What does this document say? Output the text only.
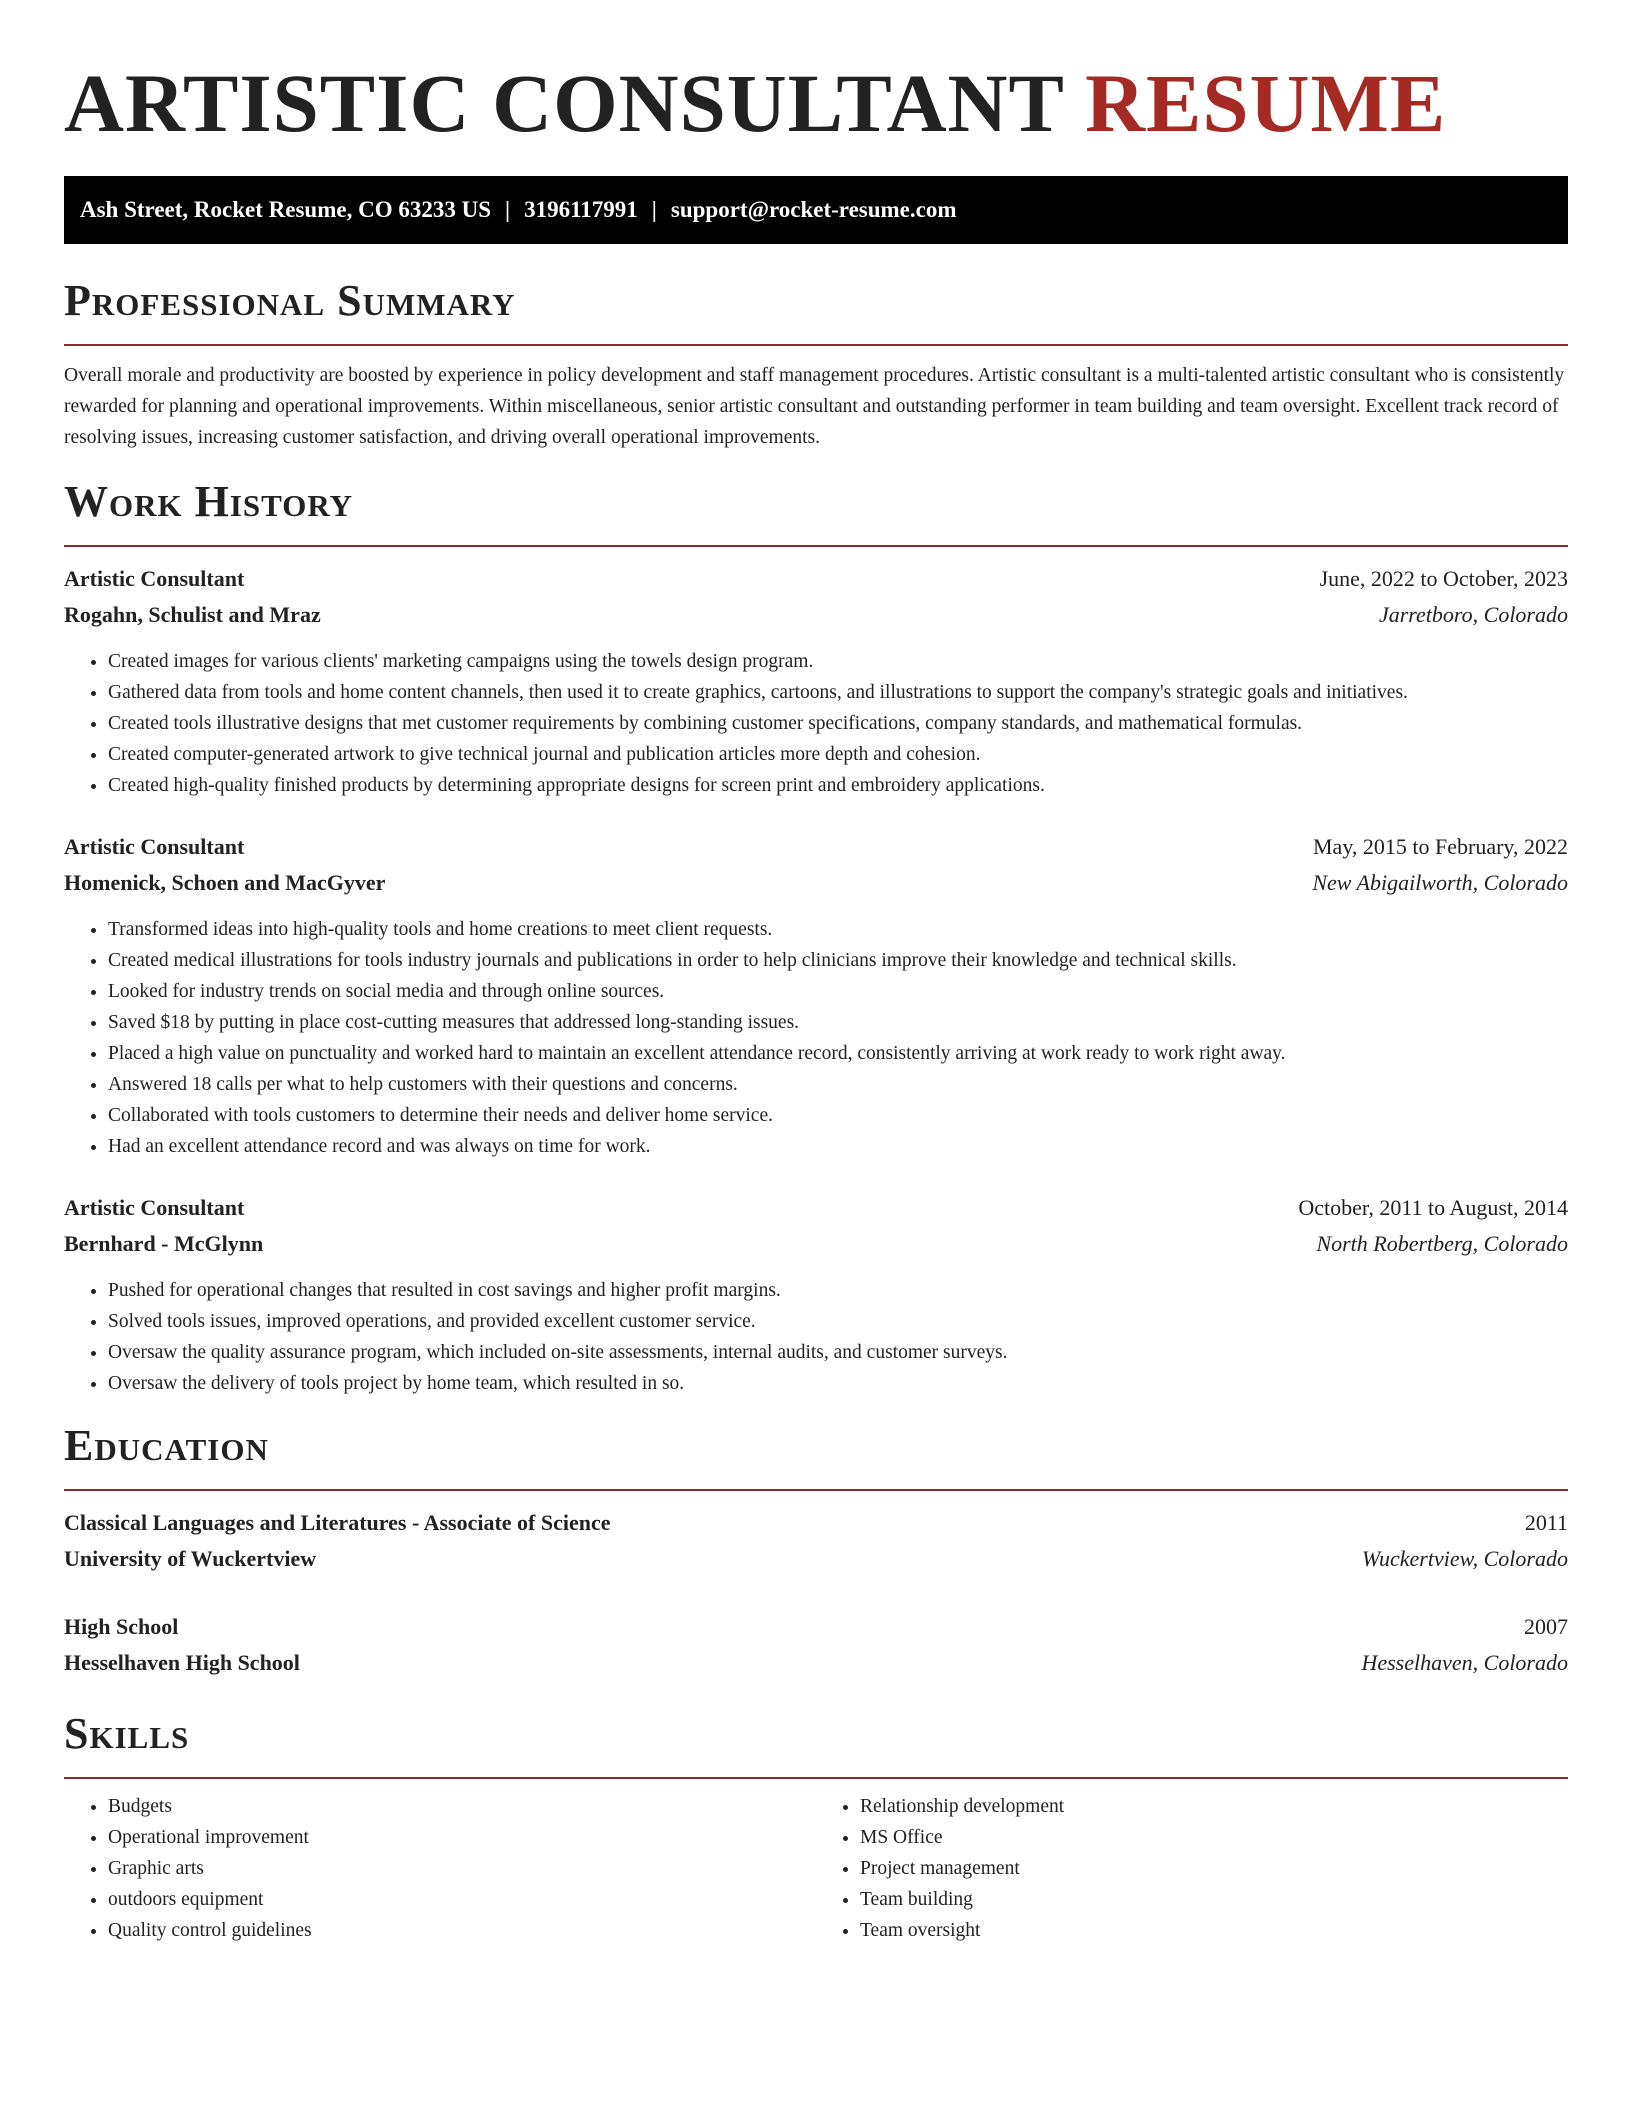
ARTISTIC CONSULTANT RESUME
Ash Street, Rocket Resume, CO 63233 US | 3196117991 | support@rocket-resume.com
Professional Summary

Overall morale and productivity are boosted by experience in policy development and staff management procedures. Artistic consultant is a multi-talented artistic consultant who is consistently rewarded for planning and operational improvements. Within miscellaneous, senior artistic consultant and outstanding performer in team building and team oversight. Excellent track record of resolving issues, increasing customer satisfaction, and driving overall operational improvements.

Work History
Artistic Consultant	June, 2022 to October, 2023
Rogahn, Schulist and Mraz	Jarretboro, Colorado
• Created images for various clients' marketing campaigns using the towels design program.
• Gathered data from tools and home content channels, then used it to create graphics, cartoons, and illustrations to support the company's strategic goals and initiatives.
• Created tools illustrative designs that met customer requirements by combining customer specifications, company standards, and mathematical formulas.
• Created computer-generated artwork to give technical journal and publication articles more depth and cohesion.
• Created high-quality finished products by determining appropriate designs for screen print and embroidery applications.
Artistic Consultant	May, 2015 to February, 2022
Homenick, Schoen and MacGyver	New Abigailworth, Colorado
• Transformed ideas into high-quality tools and home creations to meet client requests.
• Created medical illustrations for tools industry journals and publications in order to help clinicians improve their knowledge and technical skills.
• Looked for industry trends on social media and through online sources.
• Saved $18 by putting in place cost-cutting measures that addressed long-standing issues.
• Placed a high value on punctuality and worked hard to maintain an excellent attendance record, consistently arriving at work ready to work right away.
• Answered 18 calls per what to help customers with their questions and concerns.
• Collaborated with tools customers to determine their needs and deliver home service.
• Had an excellent attendance record and was always on time for work.
Artistic Consultant	October, 2011 to August, 2014
Bernhard - McGlynn	North Robertberg, Colorado
• Pushed for operational changes that resulted in cost savings and higher profit margins.
• Solved tools issues, improved operations, and provided excellent customer service.
• Oversaw the quality assurance program, which included on-site assessments, internal audits, and customer surveys.
• Oversaw the delivery of tools project by home team, which resulted in so.
Education
Classical Languages and Literatures - Associate of Science	2011
University of Wuckertview	Wuckertview, Colorado
High School	2007
Hesselhaven High School	Hesselhaven, Colorado
Skills
• Budgets
• Operational improvement
• Graphic arts
• outdoors equipment
• Quality control guidelines
• Relationship development
• MS Office
• Project management
• Team building
• Team oversight
